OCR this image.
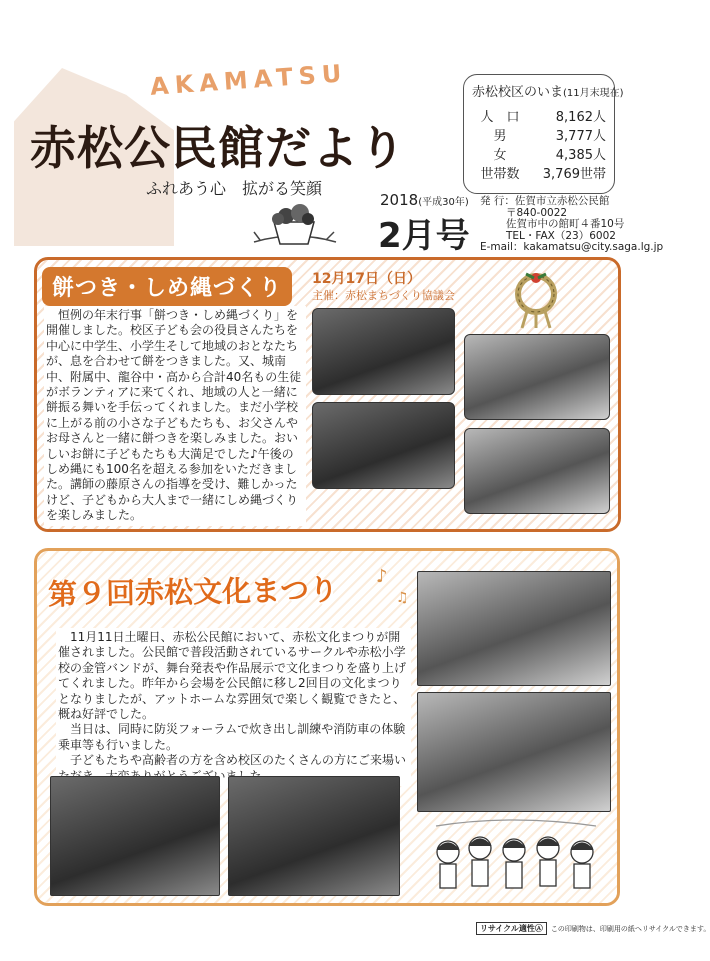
AKAMATSU
赤松公民館だより
ふれあう心　拡がる笑顔
2018(平成30年)
2月号
赤松校区のいま(11月末現在)
人　口	8,162人
男	3,777人
女	4,385人
世帯数	3,769世帯
発 行：佐賀市立赤松公民館
〒840-0022
佐賀市中の館町４番10号
TEL・FAX（23）6002
E-mail：kakamatsu@city.saga.lg.jp
餅つき・しめ縄づくり	12月17日（日）
主催：赤松まちづくり協議会
　恒例の年末行事「餅つき・しめ縄づくり」を開催しました。校区子ども会の役員さんたちを中心に中学生、小学生そして地域のおとなたちが、息を合わせて餅をつきました。又、城南中、附属中、龍谷中・高から合計40名もの生徒がボランティアに来てくれ、地域の人と一緒に餅振る舞いを手伝ってくれました。まだ小学校に上がる前の小さな子どもたちも、お父さんやお母さんと一緒に餅つきを楽しみました。おいしいお餅に子どもたちも大満足でした♪午後のしめ縄にも100名を超える参加をいただきました。講師の藤原さんの指導を受け、難しかったけど、子どもから大人まで一緒にしめ縄づくりを楽しみました。
第９回赤松文化まつり ♪
♫

11月11日土曜日、赤松公民館において、赤松文化まつりが開催されました。公民館で普段活動されているサークルや赤松小学校の金管バンドが、舞台発表や作品展示で文化まつりを盛り上げてくれました。昨年から会場を公民館に移し2回目の文化まつりとなりましたが、アットホームな雰囲気で楽しく観覧できたと、概ね好評でした。

当日は、同時に防災フォーラムで炊き出し訓練や消防車の体験乗車等も行いました。

子どもたちや高齢者の方を含め校区のたくさんの方にご来場い ざいま

リサイクル適性Ⓐ この印刷物は、印刷用の紙へリサイクルできます。
